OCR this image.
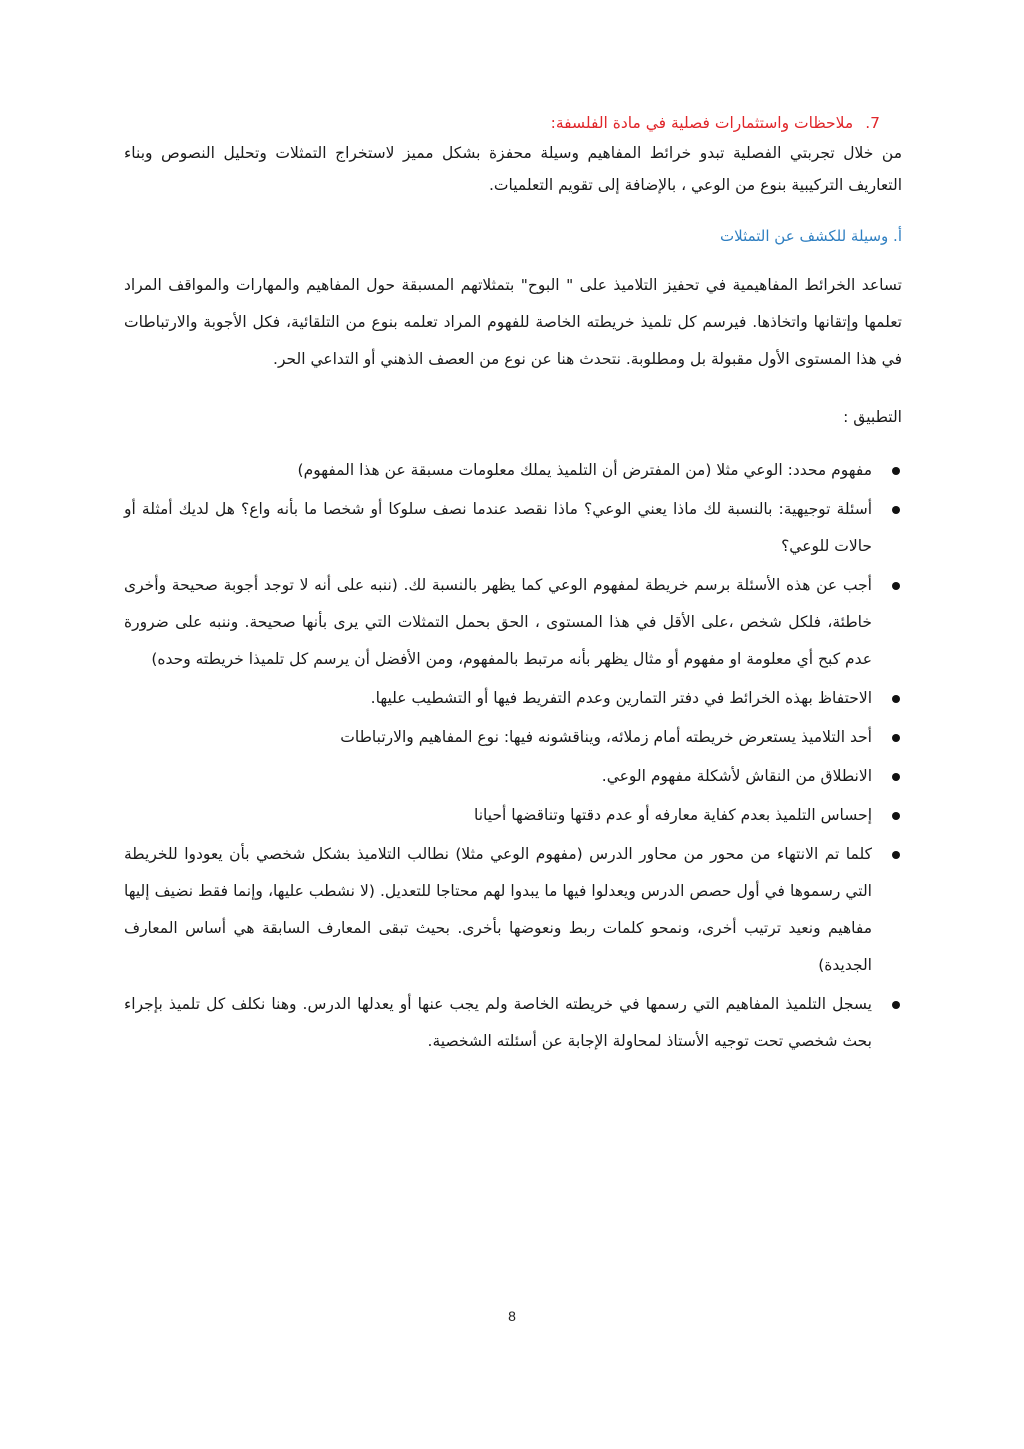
7.
ملاحظات واستثمارات فصلية في مادة الفلسفة:

من خلال تجربتي الفصلية تبدو خرائط المفاهيم وسيلة محفزة بشكل مميز لاستخراج التمثلات وتحليل النصوص وبناء التعاريف التركيبية بنوع من الوعي ، بالإضافة إلى تقويم التعلميات.

أ. وسيلة للكشف عن التمثلات

تساعد الخرائط المفاهيمية في تحفيز التلاميذ على " البوح" بتمثلاتهم المسبقة حول المفاهيم والمهارات والمواقف المراد تعلمها وإتقانها واتخاذها. فيرسم كل تلميذ خريطته الخاصة للفهوم المراد تعلمه بنوع من التلقائية، فكل الأجوبة والارتباطات في هذا المستوى الأول مقبولة بل ومطلوبة. نتحدث هنا عن نوع من العصف الذهني أو التداعي الحر.

التطبيق :
مفهوم محدد: الوعي مثلا (من المفترض أن التلميذ يملك معلومات مسبقة عن هذا المفهوم)
أسئلة توجيهية: بالنسبة لك ماذا يعني الوعي؟ ماذا نقصد عندما نصف سلوكا أو شخصا ما بأنه واع؟ هل لديك أمثلة أو حالات للوعي؟
أجب عن هذه الأسئلة برسم خريطة لمفهوم الوعي كما يظهر بالنسبة لك. (ننبه على أنه لا توجد أجوبة صحيحة وأخرى خاطئة، فلكل شخص ،على الأقل في هذا المستوى ، الحق بحمل التمثلات التي يرى بأنها صحيحة. وننبه على ضرورة عدم كبح أي معلومة او مفهوم أو مثال يظهر بأنه مرتبط بالمفهوم، ومن الأفضل أن يرسم كل تلميذا خريطته وحده)
الاحتفاظ بهذه الخرائط في دفتر التمارين وعدم التفريط فيها أو التشطيب عليها.
أحد التلاميذ يستعرض خريطته أمام زملائه، ويناقشونه فيها: نوع المفاهيم والارتباطات
الانطلاق من النقاش لأشكلة مفهوم الوعي.
إحساس التلميذ بعدم كفاية معارفه أو عدم دقتها وتناقضها أحيانا
كلما تم الانتهاء من محور من محاور الدرس (مفهوم الوعي مثلا) نطالب التلاميذ بشكل شخصي بأن يعودوا للخريطة التي رسموها في أول حصص الدرس ويعدلوا فيها ما يبدوا لهم محتاجا للتعديل. (لا نشطب عليها، وإنما فقط نضيف إليها مفاهيم ونعيد ترتيب أخرى، ونمحو كلمات ربط ونعوضها بأخرى. بحيث تبقى المعارف السابقة هي أساس المعارف الجديدة)
يسجل التلميذ المفاهيم التي رسمها في خريطته الخاصة ولم يجب عنها أو يعدلها الدرس. وهنا نكلف كل تلميذ بإجراء بحث شخصي تحت توجيه الأستاذ لمحاولة الإجابة عن أسئلته الشخصية.
8
